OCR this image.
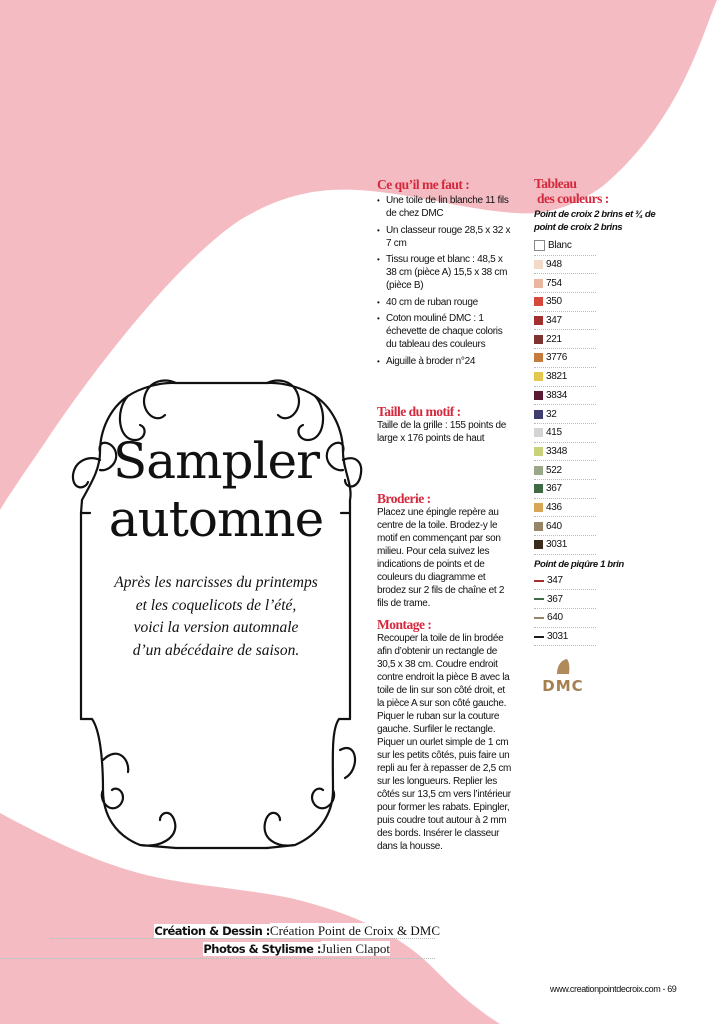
Sampler
automne
Après les narcisses du printemps
et les coquelicots de l’été,
voici la version automnale
d’un abécédaire de saison.
Ce qu’il me faut :
• Une toile de lin blanche 11 fils de chez DMC
• Un classeur rouge 28,5 x 32 x 7 cm
• Tissu rouge et blanc : 48,5 x 38 cm (pièce A) 15,5 x 38 cm (pièce B)
• 40 cm de ruban rouge
• Coton mouliné DMC : 1 échevette de chaque coloris du tableau des couleurs
• Aiguille à broder n°24
Taille du motif :

Taille de la grille : 155 points de large x 176 points de haut

Broderie :

Placez une épingle repère au centre de la toile. Brodez-y le motif en commençant par son milieu. Pour cela suivez les indications de points et de couleurs du diagramme et brodez sur 2 fils de chaîne et 2 fils de trame.

Montage :

Recouper la toile de lin brodée afin d’obtenir un rectangle de 30,5 x 38 cm. Coudre endroit contre endroit la pièce B avec la toile de lin sur son côté droit, et la pièce A sur son côté gauche. Piquer le ruban sur la couture gauche. Surfiler le rectangle. Piquer un ourlet simple de 1 cm sur les petits côtés, puis faire un repli au fer à repasser de 2,5 cm sur les longueurs. Replier les côtés sur 13,5 cm vers l’intérieur pour former les rabats. Epingler, puis coudre tout autour à 2 mm des bords. Insérer le classeur dans la housse.

Tableau
des couleurs :
Point de croix 2 brins et ¾ de point de croix 2 brins
Blanc
948
754
350
347
221
3776
3821
3834
32
415
3348
522
367
436
640
3031
Point de piqûre 1 brin
347
367
640
3031
DMC
Création & Dessin :Création Point de Croix & DMC
Photos & Stylisme :Julien Clapot
www.creationpointdecroix.com - 69
